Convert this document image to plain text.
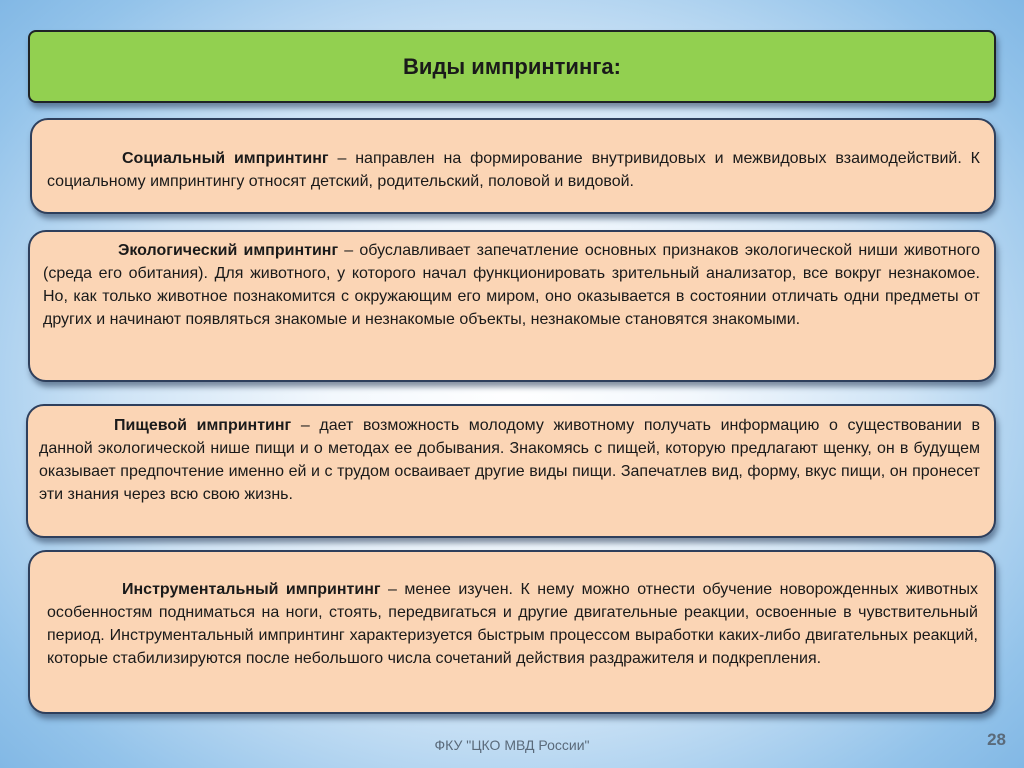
Виды импринтинга:

Социальный импринтинг – направлен на формирование внутривидовых и межвидовых взаимодействий. К социальному импринтингу относят детский, родительский, половой и видовой.

Экологический импринтинг – обуславливает запечатление основных признаков экологической ниши животного (среда его обитания). Для животного, у которого начал функционировать зрительный анализатор, все вокруг незнакомое. Но, как только животное познакомится с окружающим его миром, оно оказывается в состоянии отличать одни предметы от других и начинают появляться знакомые и незнакомые объекты, незнакомые становятся знакомыми.

Пищевой импринтинг – дает возможность молодому животному получать информацию о существовании в данной экологической нише пищи и о методах ее добывания. Знакомясь с пищей, которую предлагают щенку, он в будущем оказывает предпочтение именно ей и с трудом осваивает другие виды пищи. Запечатлев вид, форму, вкус пищи, он пронесет эти знания через всю свою жизнь.

Инструментальный импринтинг – менее изучен. К нему можно отнести обучение новорожденных животных особенностям подниматься на ноги, стоять, передвигаться и другие двигательные реакции, освоенные в чувствительный период. Инструментальный импринтинг характеризуется быстрым процессом выработки каких-либо двигательных реакций, которые стабилизируются после небольшого числа сочетаний действия раздражителя и подкрепления.

ФКУ "ЦКО МВД России"	28
